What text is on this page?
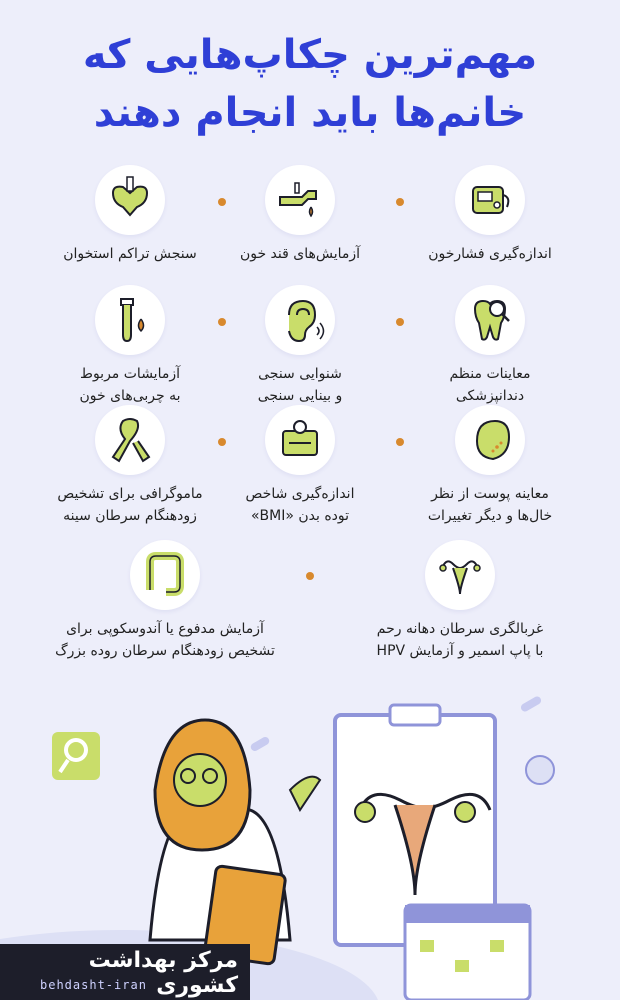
مهم‌ترین چکاپ‌هایی که
خانم‌ها باید انجام دهند
اندازه‌گیری فشارخون
آزمایش‌های قند خون
سنجش تراکم استخوان
معاینات منظم
دندانپزشکی
شنوایی سنجی
و بینایی سنجی
آزمایشات مربوط
به چربی‌های خون
معاینه پوست از نظر
خال‌ها و دیگر تغییرات
اندازه‌گیری شاخص
توده بدن «BMI»
ماموگرافی برای تشخیص
زودهنگام سرطان سینه
غربالگری سرطان دهانه رحم
با پاپ اسمیر و آزمایش HPV
آزمایش مدفوع یا آندوسکوپی برای
تشخیص زودهنگام سرطان روده بزرگ
مرکز بهداشت کشوری
behdasht-iran
